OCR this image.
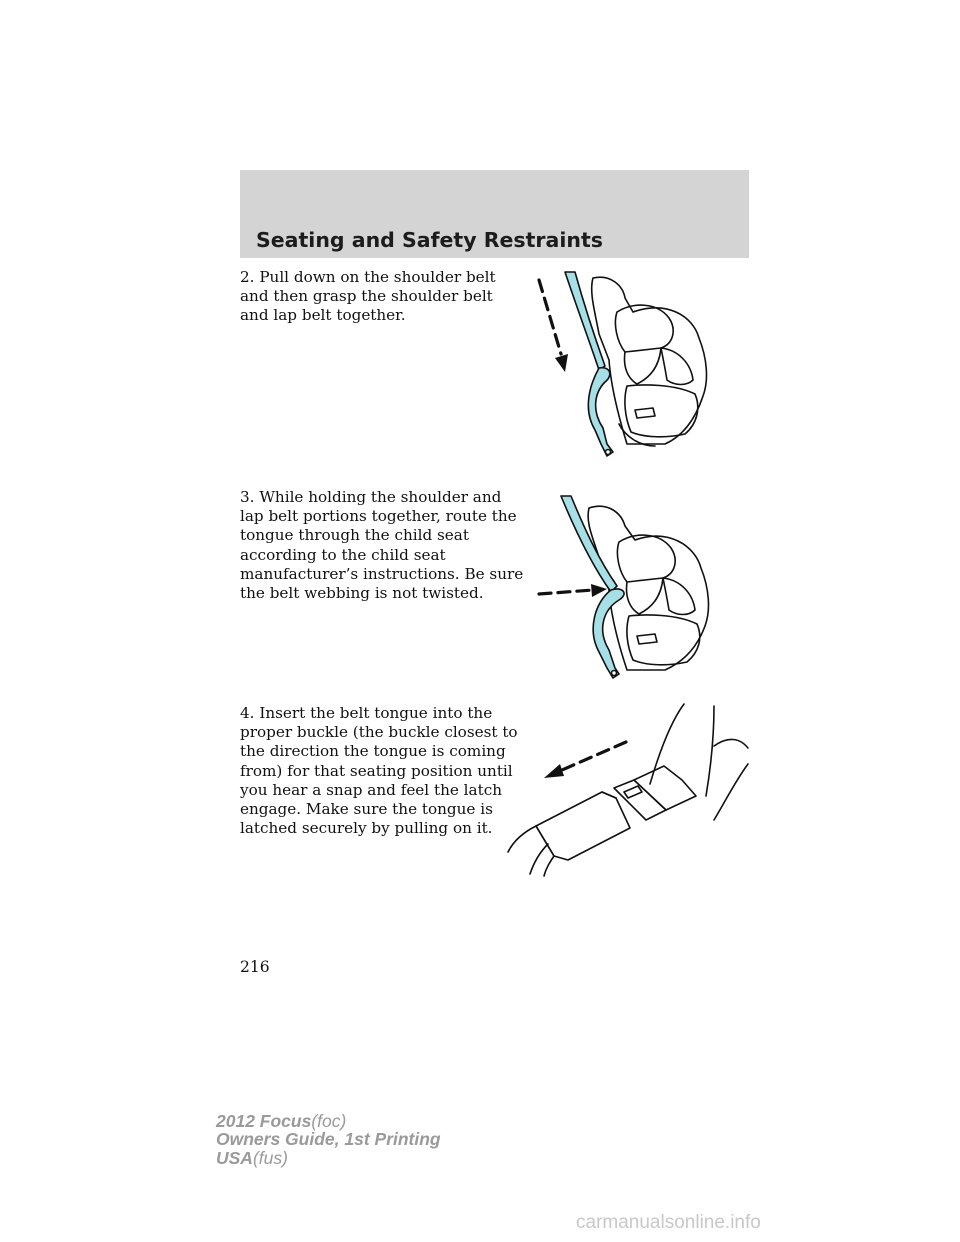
Seating and Safety Restraints

2. Pull down on the shoulder belt
and then grasp the shoulder belt
and lap belt together.

3. While holding the shoulder and
lap belt portions together, route the
tongue through the child seat
according to the child seat
manufacturer’s instructions. Be sure
the belt webbing is not twisted.

4. Insert the belt tongue into the
proper buckle (the buckle closest to
the direction the tongue is coming
from) for that seating position until
you hear a snap and feel the latch
engage. Make sure the tongue is
latched securely by pulling on it.

216
2012 Focus(foc)
Owners Guide, 1st Printing
USA(fus)
carmanualsonline.info
